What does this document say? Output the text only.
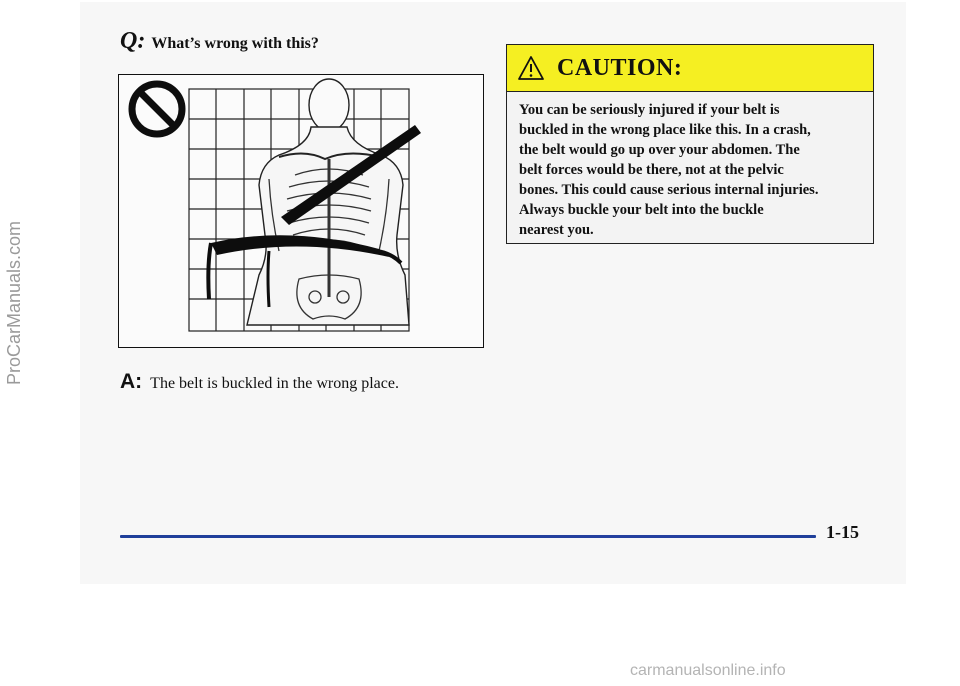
ProCarManuals.com
Q: What’s wrong with this?
A: The belt is buckled in the wrong place.
CAUTION:
You can be seriously injured if your belt is
buckled in the wrong place like this. In a crash,
the belt would go up over your abdomen. The
belt forces would be there, not at the pelvic
bones. This could cause serious internal injuries.
Always buckle your belt into the buckle
nearest you.
1-15
carmanualsonline.info
